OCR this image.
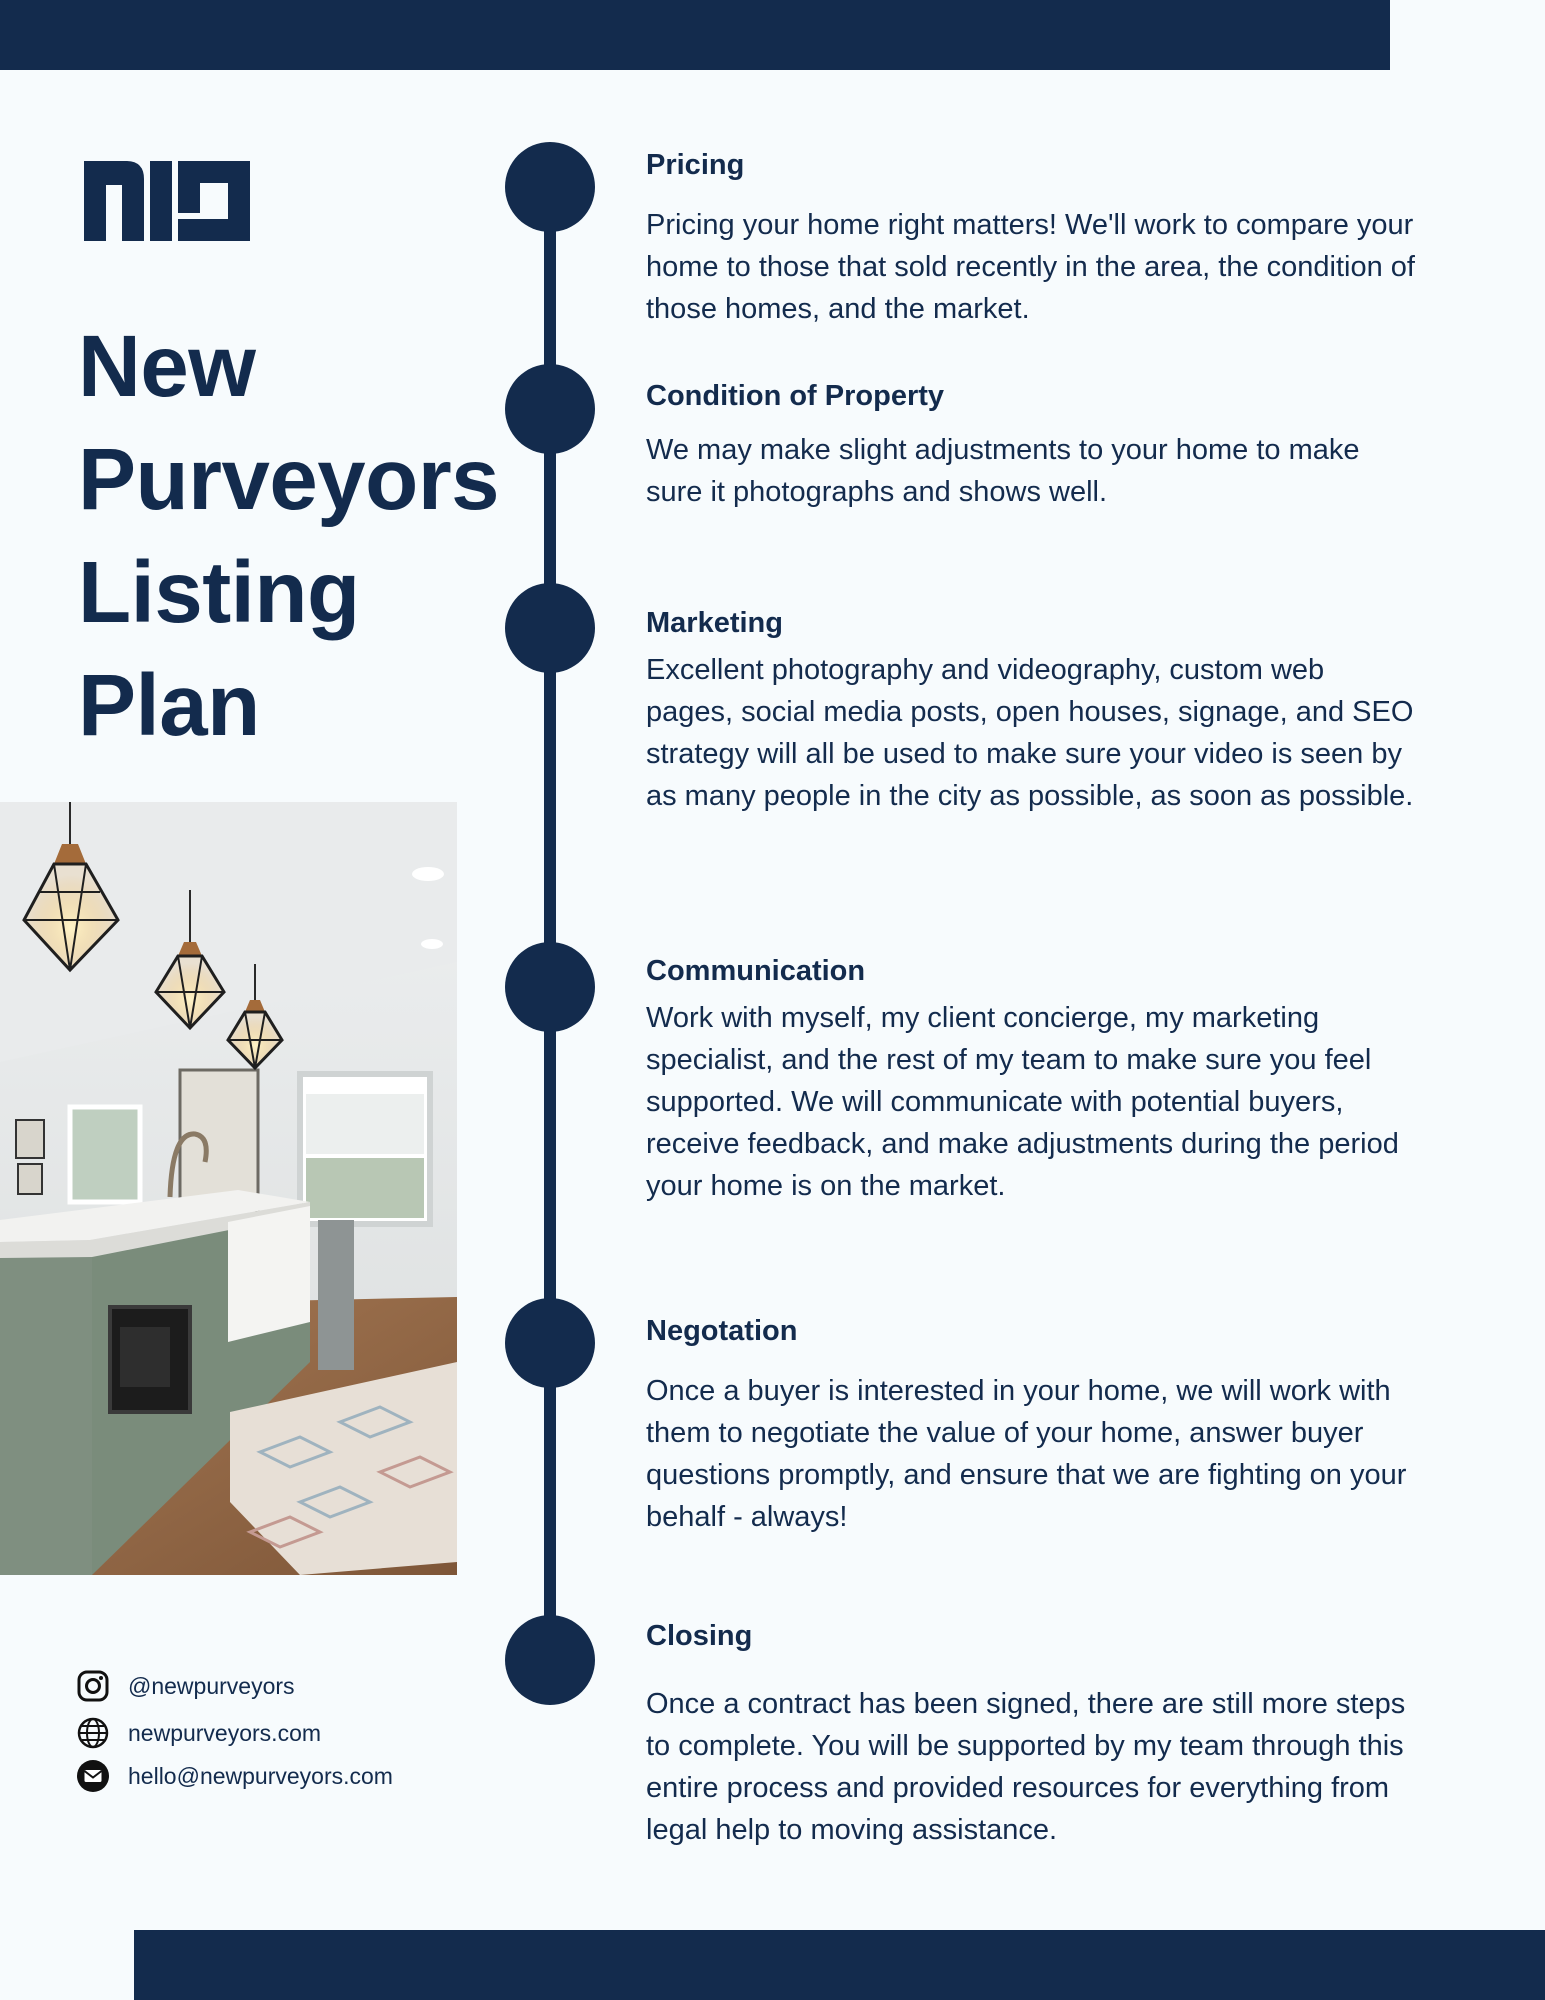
New
Purveyors
Listing
Plan
@newpurveyors
newpurveyors.com
hello@newpurveyors.com
Pricing

Pricing your home right matters! We'll work to compare your home to those that sold recently in the area, the condition of those homes, and the market.

Condition of Property

We may make slight adjustments to your home to make sure it photographs and shows well.

Marketing

Excellent photography and videography, custom web pages, social media posts, open houses, signage, and SEO strategy will all be used to make sure your video is seen by as many people in the city as possible, as soon as possible.

Communication

Work with myself, my client concierge, my marketing specialist, and the rest of my team to make sure you feel supported. We will communicate with potential buyers, receive feedback, and make adjustments during the period your home is on the market.

Negotation

Once a buyer is interested in your home, we will work with them to negotiate the value of your home, answer buyer questions promptly, and ensure that we are fighting on your behalf - always!

Closing

Once a contract has been signed, there are still more steps to complete. You will be supported by my team through this entire process and provided resources for everything from legal help to moving assistance.
